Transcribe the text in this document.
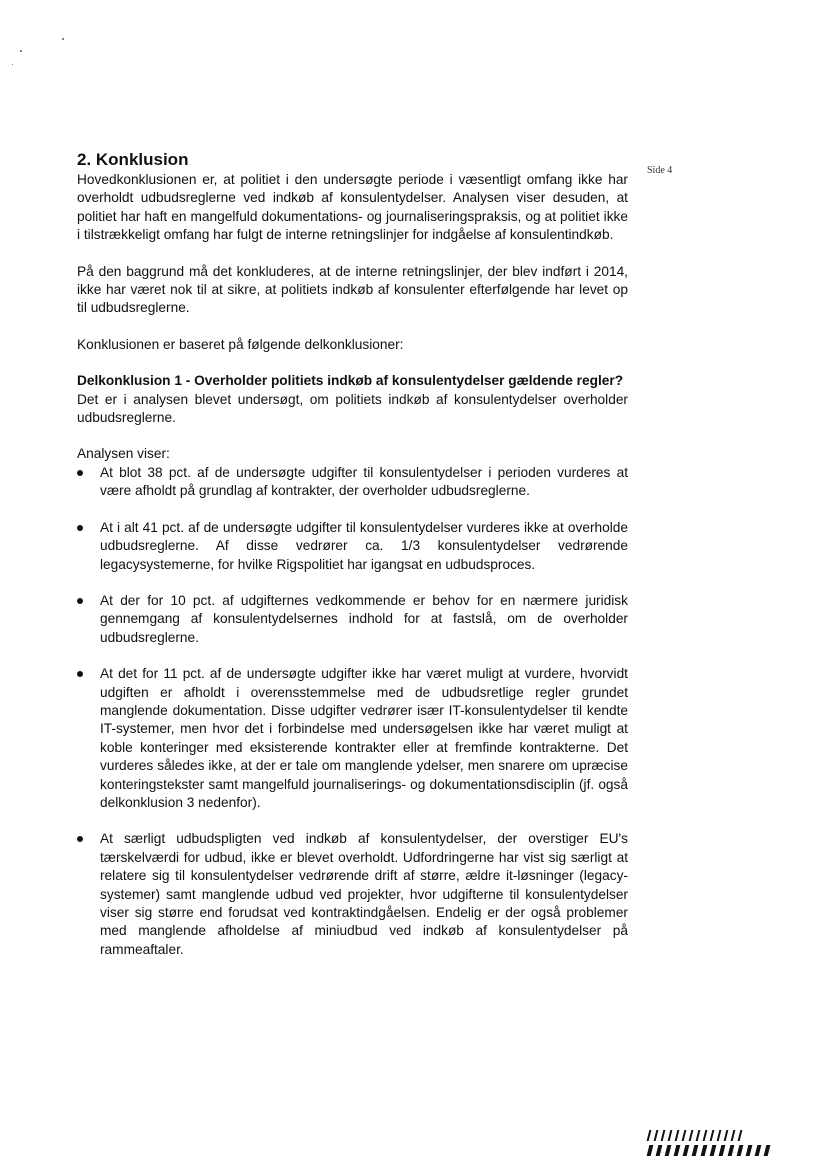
Side 4
2. Konklusion

Hovedkonklusionen er, at politiet i den undersøgte periode i væsentligt omfang ikke har overholdt udbudsreglerne ved indkøb af konsulentydelser. Analysen viser desuden, at politiet har haft en mangelfuld dokumentations- og journaliseringspraksis, og at politiet ikke i tilstrækkeligt omfang har fulgt de interne retningslinjer for indgåelse af konsulentindkøb.

På den baggrund må det konkluderes, at de interne retningslinjer, der blev indført i 2014, ikke har været nok til at sikre, at politiets indkøb af konsulenter efterfølgende har levet op til udbudsreglerne.

Konklusionen er baseret på følgende delkonklusioner:

Delkonklusion 1 - Overholder politiets indkøb af konsulentydelser gældende regler?

Det er i analysen blevet undersøgt, om politiets indkøb af konsulentydelser overholder udbudsreglerne.

Analysen viser:

At blot 38 pct. af de undersøgte udgifter til konsulentydelser i perioden vurderes at være afholdt på grundlag af kontrakter, der overholder udbudsreglerne.
At i alt 41 pct. af de undersøgte udgifter til konsulentydelser vurderes ikke at overholde udbudsreglerne. Af disse vedrører ca. 1/3 konsulentydelser vedrørende legacysystemerne, for hvilke Rigspolitiet har igangsat en udbudsproces.
At der for 10 pct. af udgifternes vedkommende er behov for en nærmere juridisk gennemgang af konsulentydelsernes indhold for at fastslå, om de overholder udbudsreglerne.
At det for 11 pct. af de undersøgte udgifter ikke har været muligt at vurdere, hvorvidt udgiften er afholdt i overensstemmelse med de udbudsretlige regler grundet manglende dokumentation. Disse udgifter vedrører især IT-konsulentydelser til kendte IT-systemer, men hvor det i forbindelse med undersøgelsen ikke har været muligt at koble konteringer med eksisterende kontrakter eller at fremfinde kontrakterne. Det vurderes således ikke, at der er tale om manglende ydelser, men snarere om upræcise konteringstekster samt mangelfuld journaliserings- og dokumentationsdisciplin (jf. også delkonklusion 3 nedenfor).
At særligt udbudspligten ved indkøb af konsulentydelser, der overstiger EU's tærskelværdi for udbud, ikke er blevet overholdt. Udfordringerne har vist sig særligt at relatere sig til konsulentydelser vedrørende drift af større, ældre it-løsninger (legacy-systemer) samt manglende udbud ved projekter, hvor udgifterne til konsulentydelser viser sig større end forudsat ved kontraktindgåelsen. Endelig er der også problemer med manglende afholdelse af miniudbud ved indkøb af konsulentydelser på rammeaftaler.
